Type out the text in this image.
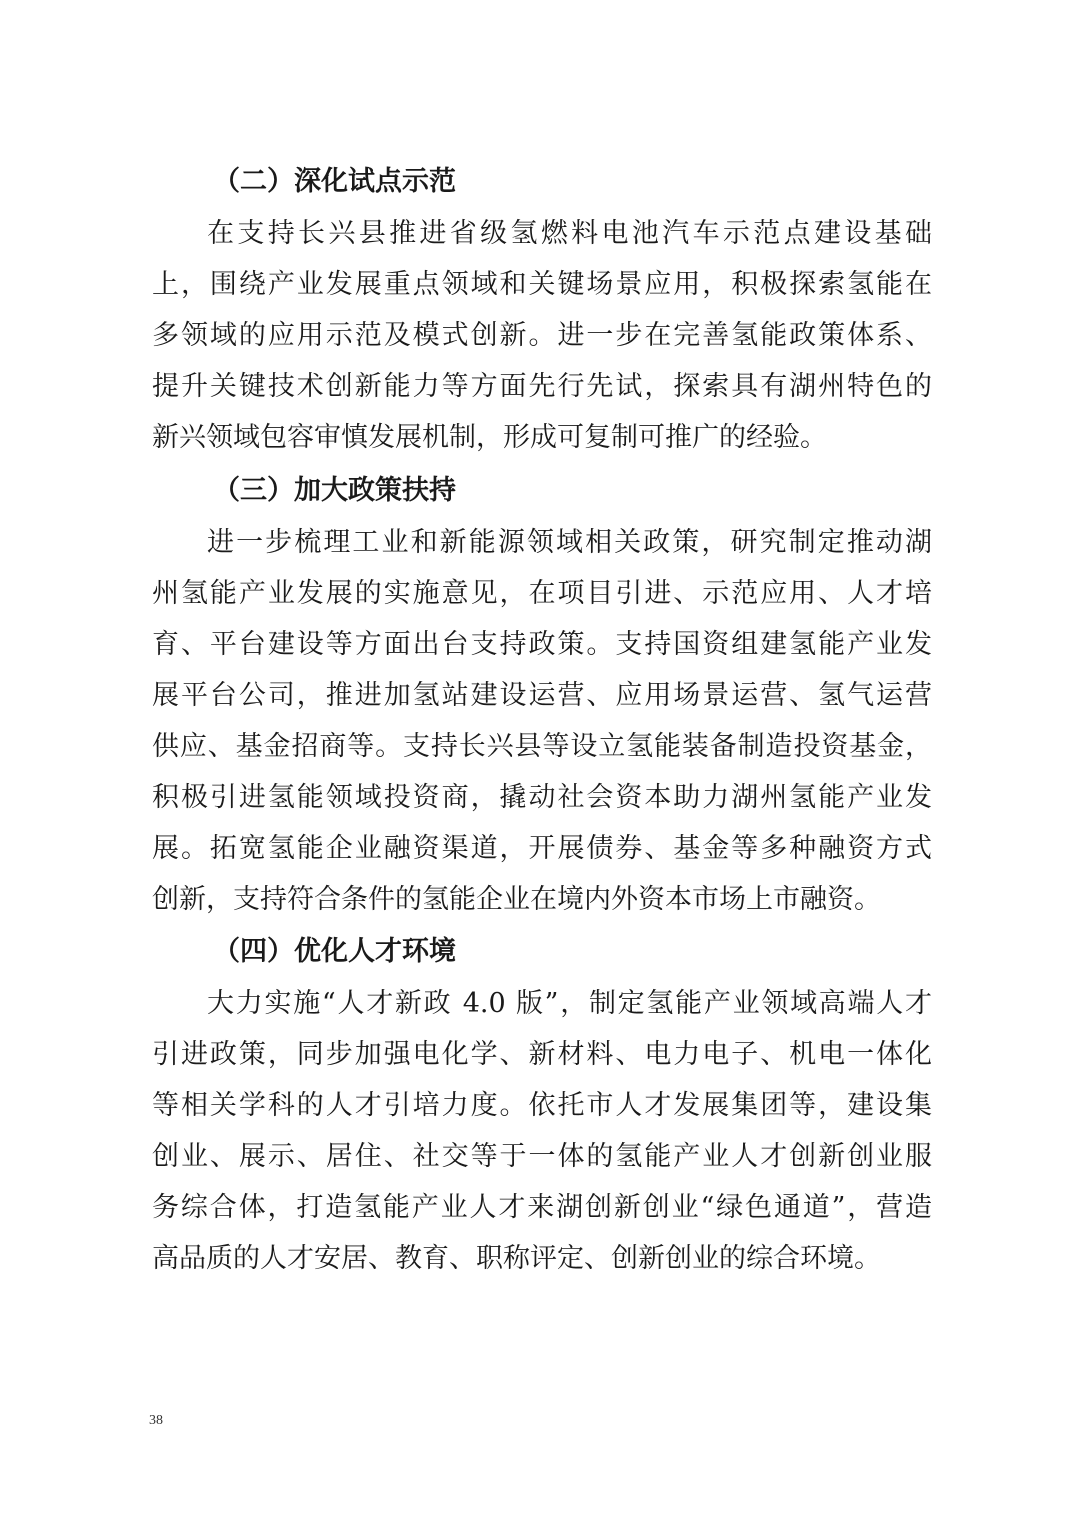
（二）深化试点示范
在支持长兴县推进省级氢燃料电池汽车示范点建设基础
上，围绕产业发展重点领域和关键场景应用，积极探索氢能在
多领域的应用示范及模式创新。进一步在完善氢能政策体系、
提升关键技术创新能力等方面先行先试，探索具有湖州特色的
新兴领域包容审慎发展机制，形成可复制可推广的经验。
（三）加大政策扶持
进一步梳理工业和新能源领域相关政策，研究制定推动湖
州氢能产业发展的实施意见，在项目引进、示范应用、人才培
育、平台建设等方面出台支持政策。支持国资组建氢能产业发
展平台公司，推进加氢站建设运营、应用场景运营、氢气运营
供应、基金招商等。支持长兴县等设立氢能装备制造投资基金，
积极引进氢能领域投资商，撬动社会资本助力湖州氢能产业发
展。拓宽氢能企业融资渠道，开展债券、基金等多种融资方式
创新，支持符合条件的氢能企业在境内外资本市场上市融资。
（四）优化人才环境
大力实施“人才新政 4.0 版”，制定氢能产业领域高端人才
引进政策，同步加强电化学、新材料、电力电子、机电一体化
等相关学科的人才引培力度。依托市人才发展集团等，建设集
创业、展示、居住、社交等于一体的氢能产业人才创新创业服
务综合体，打造氢能产业人才来湖创新创业“绿色通道”，营造
高品质的人才安居、教育、职称评定、创新创业的综合环境。
38
